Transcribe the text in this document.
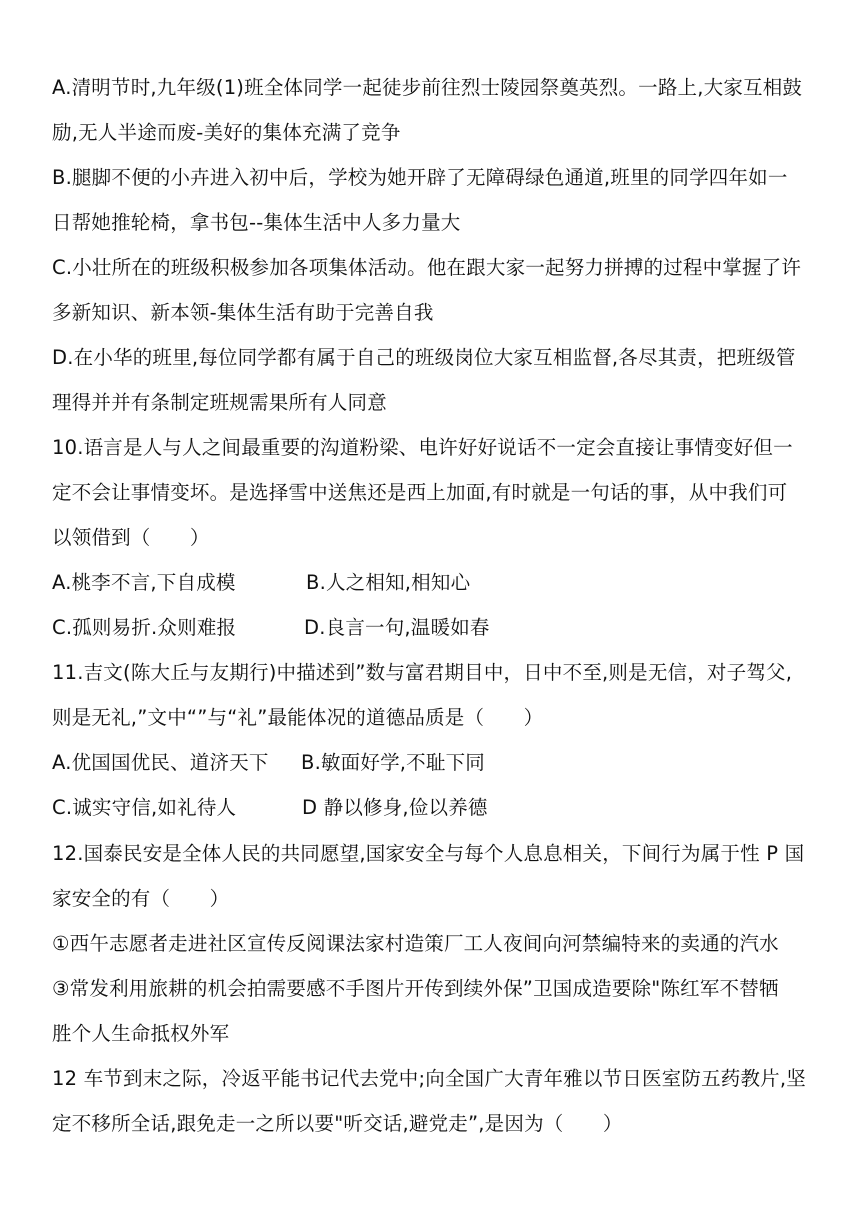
A.清明节时,九年级(1)班全体同学一起徒步前往烈士陵园祭奠英烈。一路上,大家互相鼓
励,无人半途而废-美好的集体充满了竞争
B.腿脚不便的小卉进入初中后，学校为她开辟了无障碍绿色通道,班里的同学四年如一
日帮她推轮椅，拿书包--集体生活中人多力量大
C.小壮所在的班级积极参加各项集体活动。他在跟大家一起努力拼搏的过程中掌握了许
多新知识、新本领-集体生活有助于完善自我
D.在小华的班里,每位同学都有属于自己的班级岗位大家互相监督,各尽其责，把班级管
理得并并有条制定班规需果所有人同意
10.语言是人与人之间最重要的沟道粉梁、电许好好说话不一定会直接让事情变好但一
定不会让事情变坏。是选择雪中送焦还是西上加面,有时就是一句话的事，从中我们可
以领借到（　　）
A.桃李不言,下自成模	B.人之相知,相知心
C.孤则易折.众则难报	D.良言一句,温暖如春
11.吉文(陈大丘与友期行)中描述到”数与富君期目中，日中不至,则是无信，对子驾父,
则是无礼,”文中“”与“礼”最能体况的道德品质是（　　）
A.优国国优民、道济天下 B.敏面好学,不耻下同
C.诚实守信,如礼待人	D 静以修身,俭以养德
12.国泰民安是全体人民的共同愿望,国家安全与每个人息息相关，下间行为属于性 P 国
家安全的有（　　）
①西午志愿者走进社区宣传反阅课法家村造策厂工人夜间向河禁编特来的卖通的汽水
③常发利用旅耕的机会拍需要感不手图片开传到续外保”卫国成造要除"陈红军不替牺
胜个人生命抵权外军
12 车节到末之际，冷返平能书记代去党中;向全国广大青年雅以节日医室防五药教片,坚
定不移所全话,跟免走一之所以要"听交话,避党走”,是因为（　　）
